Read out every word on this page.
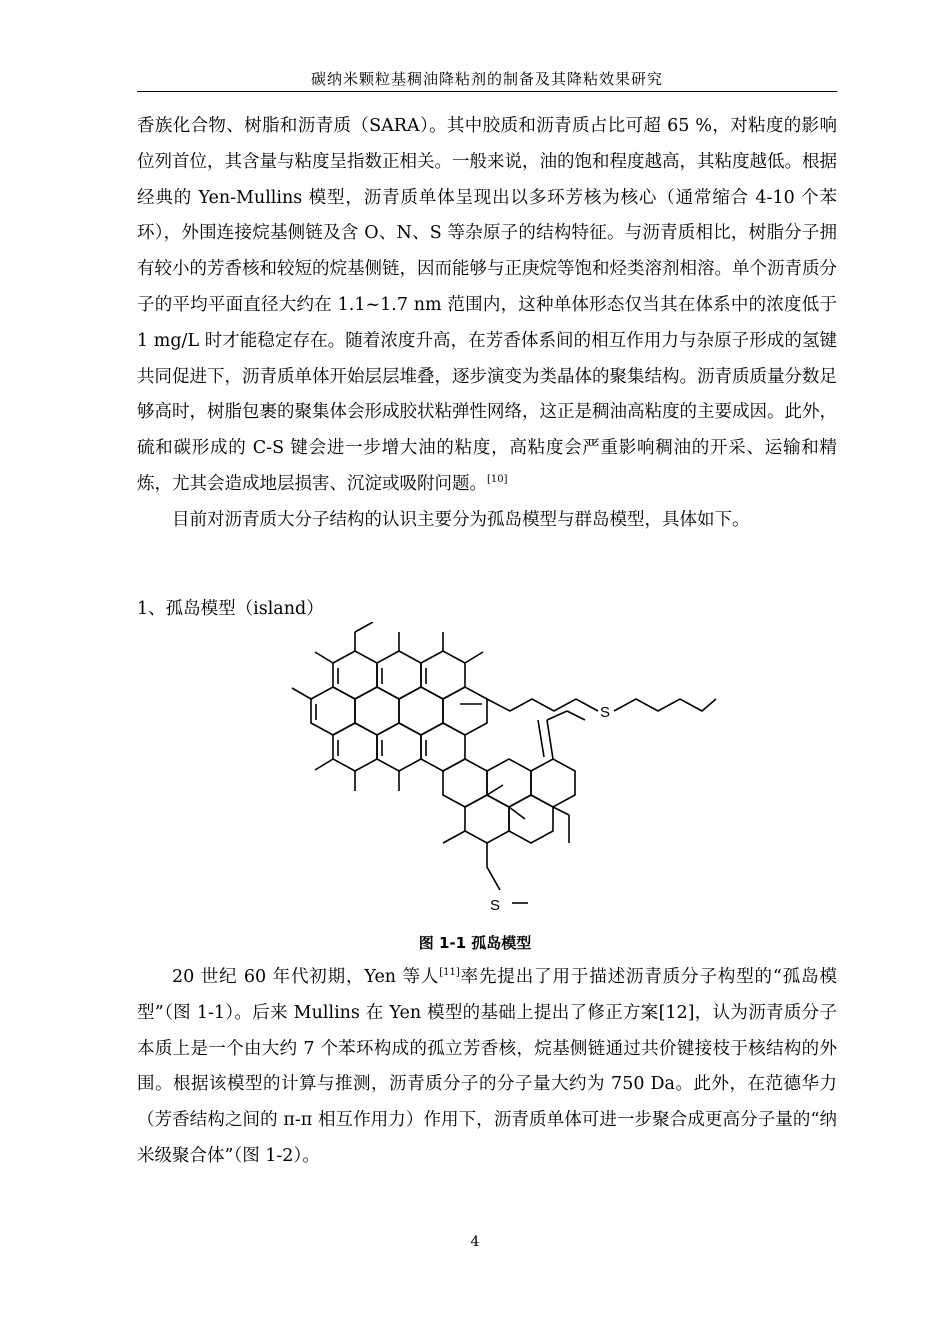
碳纳米颗粒基稠油降粘剂的制备及其降粘效果研究

香族化合物、树脂和沥青质（SARA）。其中胶质和沥青质占比可超 65 %，对粘度的影响位列首位，其含量与粘度呈指数正相关。一般来说，油的饱和程度越高，其粘度越低。根据经典的 Yen-Mullins 模型，沥青质单体呈现出以多环芳核为核心（通常缩合 4-10 个苯环），外围连接烷基侧链及含 O、N、S 等杂原子的结构特征。与沥青质相比，树脂分子拥有较小的芳香核和较短的烷基侧链，因而能够与正庚烷等饱和烃类溶剂相溶。单个沥青质分子的平均平面直径大约在 1.1~1.7 nm 范围内，这种单体形态仅当其在体系中的浓度低于 1 mg/L 时才能稳定存在。随着浓度升高，在芳香体系间的相互作用力与杂原子形成的氢键共同促进下，沥青质单体开始层层堆叠，逐步演变为类晶体的聚集结构。沥青质质量分数足够高时，树脂包裹的聚集体会形成胶状粘弹性网络，这正是稠油高粘度的主要成因。此外，硫和碳形成的 C-S 键会进一步增大油的粘度，高粘度会严重影响稠油的开采、运输和精炼，尤其会造成地层损害、沉淀或吸附问题。[10]

目前对沥青质大分子结构的认识主要分为孤岛模型与群岛模型，具体如下。

1、孤岛模型（island）
S
S
图 1-1 孤岛模型

20 世纪 60 年代初期，Yen 等人[11]率先提出了用于描述沥青质分子构型的“孤岛模型”（图 1-1）。后来 Mullins 在 Yen 模型的基础上提出了修正方案[12]，认为沥青质分子本质上是一个由大约 7 个苯环构成的孤立芳香核，烷基侧链通过共价键接枝于核结构的外围。根据该模型的计算与推测，沥青质分子的分子量大约为 750 Da。此外，在范德华力（芳香结构之间的 π-π 相互作用力）作用下，沥青质单体可进一步聚合成更高分子量的“纳米级聚合体”（图 1-2）。

4
